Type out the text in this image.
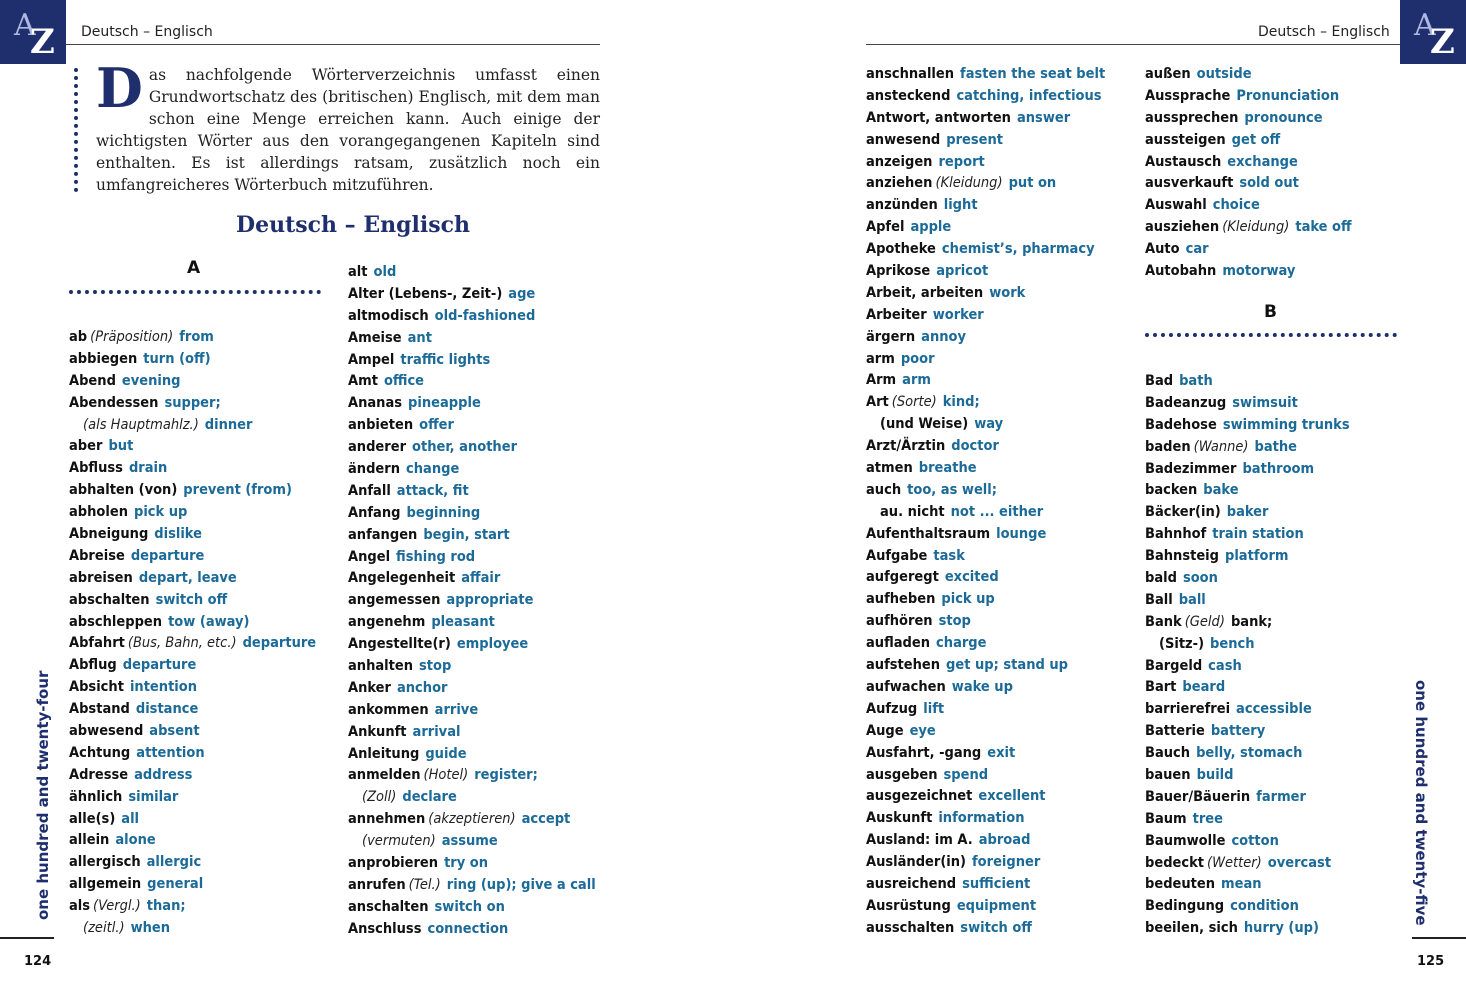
A
Z Deutsch – Englisch
Das nachfolgende Wörterverzeichnis umfasst einen Grundwortschatz des (britischen) Englisch, mit dem man schon eine Menge erreichen kann. Auch einige der wichtigsten Wörter aus den vorangegangenen Kapiteln sind enthalten. Es ist allerdings ratsam, zusätzlich noch ein umfangreicheres Wörterbuch mitzuführen.
Deutsch – Englisch
A
ab (Präposition) from
abbiegen turn (off)
Abend evening
Abendessen supper;
(als Hauptmahlz.) dinner
aber but
Abfluss drain
abhalten (von) prevent (from)
abholen pick up
Abneigung dislike
Abreise departure
abreisen depart, leave
abschalten switch off
abschleppen tow (away)
Abfahrt (Bus, Bahn, etc.) departure
Abflug departure
Absicht intention
Abstand distance
abwesend absent
Achtung attention
Adresse address
ähnlich similar
alle(s) all
allein alone
allergisch allergic
allgemein general
als (Vergl.) than;
(zeitl.) when
alt old
Alter (Lebens-, Zeit-) age
altmodisch old-fashioned
Ameise ant
Ampel traffic lights
Amt office
Ananas pineapple
anbieten offer
anderer other, another
ändern change
Anfall attack, fit
Anfang beginning
anfangen begin, start
Angel fishing rod
Angelegenheit affair
angemessen appropriate
angenehm pleasant
Angestellte(r) employee
anhalten stop
Anker anchor
ankommen arrive
Ankunft arrival
Anleitung guide
anmelden (Hotel) register;
(Zoll) declare
annehmen (akzeptieren) accept
(vermuten) assume
anprobieren try on
anrufen (Tel.) ring (up); give a call
anschalten switch on
Anschluss connection
one hundred and twenty-four
124
A
Z
Deutsch – Englisch
anschnallen fasten the seat belt
ansteckend catching, infectious
Antwort, antworten answer
anwesend present
anzeigen report
anziehen (Kleidung) put on
anzünden light
Apfel apple
Apotheke chemist’s, pharmacy
Aprikose apricot
Arbeit, arbeiten work
Arbeiter worker
ärgern annoy
arm poor
Arm arm
Art (Sorte) kind;
(und Weise) way
Arzt/Ärztin doctor
atmen breathe
auch too, as well;
au. nicht not ... either
Aufenthaltsraum lounge
Aufgabe task
aufgeregt excited
aufheben pick up
aufhören stop
aufladen charge
aufstehen get up; stand up
aufwachen wake up
Aufzug lift
Auge eye
Ausfahrt, -gang exit
ausgeben spend
ausgezeichnet excellent
Auskunft information
Ausland: im A. abroad
Ausländer(in) foreigner
ausreichend sufficient
Ausrüstung equipment
ausschalten switch off
außen outside
Aussprache Pronunciation
aussprechen pronounce
aussteigen get off
Austausch exchange
ausverkauft sold out
Auswahl choice
ausziehen (Kleidung) take off
Auto car
Autobahn motorway
B
Bad bath
Badeanzug swimsuit
Badehose swimming trunks
baden (Wanne) bathe
Badezimmer bathroom
backen bake
Bäcker(in) baker
Bahnhof train station
Bahnsteig platform
bald soon
Ball ball
Bank (Geld) bank;
(Sitz-) bench
Bargeld cash
Bart beard
barrierefrei accessible
Batterie battery
Bauch belly, stomach
bauen build
Bauer/Bäuerin farmer
Baum tree
Baumwolle cotton
bedeckt (Wetter) overcast
bedeuten mean
Bedingung condition
beeilen, sich hurry (up)
one hundred and twenty-five
125
